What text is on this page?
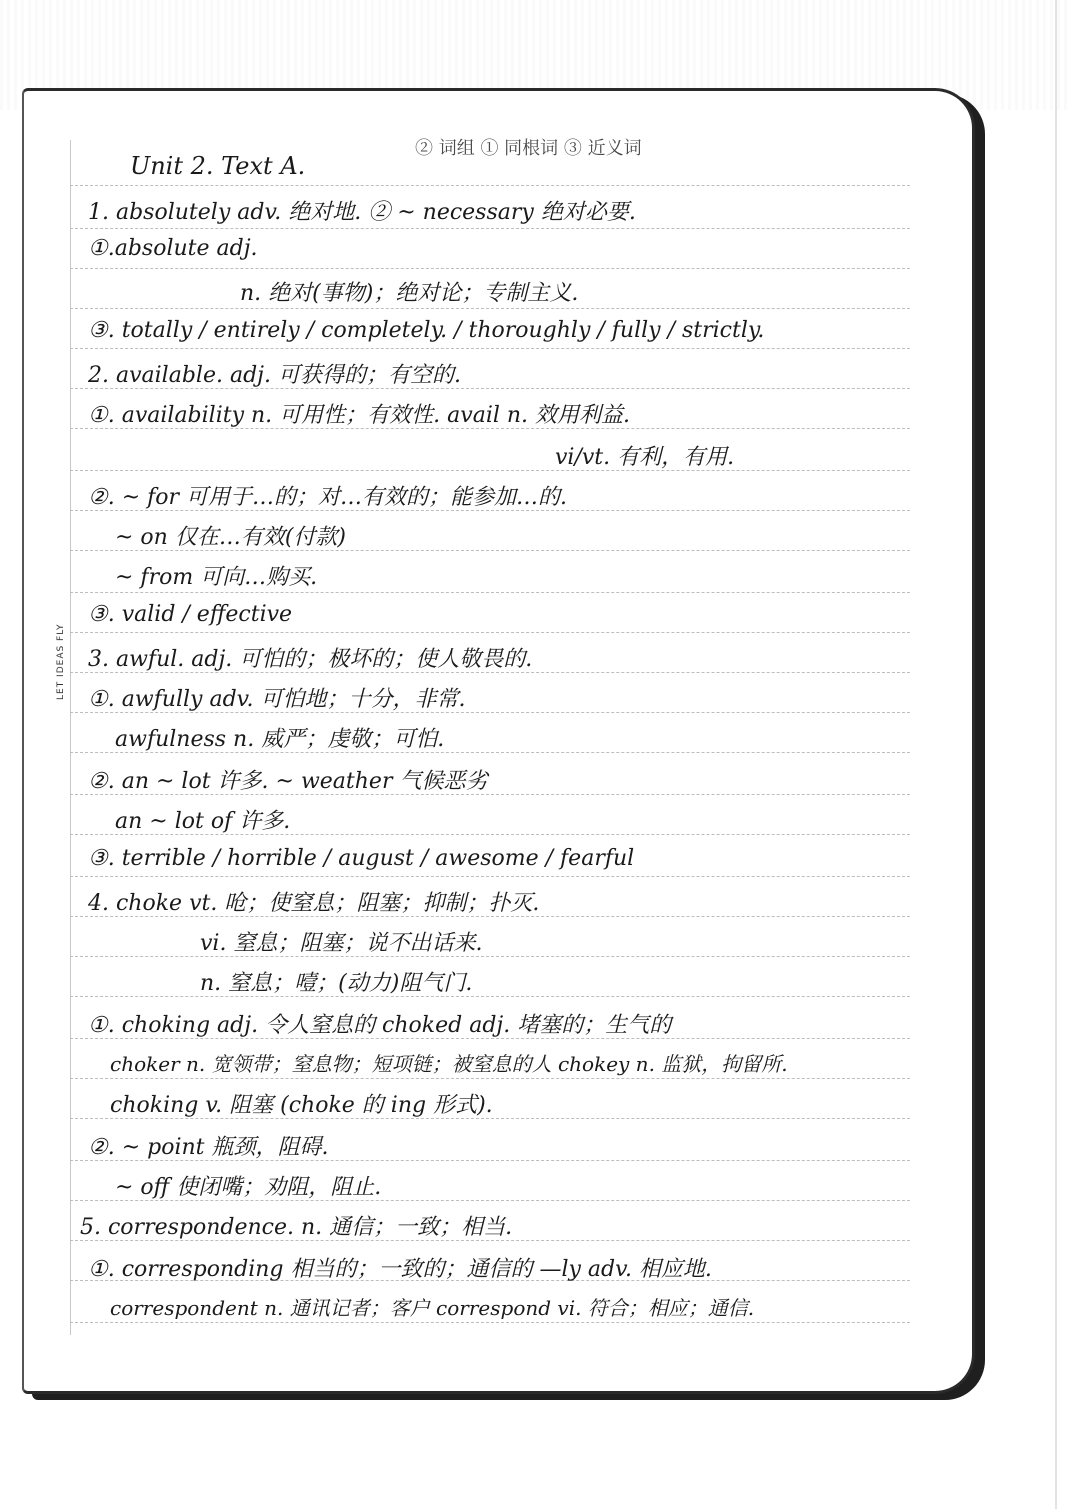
LET IDEAS FLY
② 词组 ① 同根词 ③ 近义词
Unit 2. Text A.
1. absolutely adv. 绝对地. ② ~ necessary 绝对必要.
①.absolute adj.
n. 绝对(事物)；绝对论；专制主义.
③. totally / entirely / completely. / thoroughly / fully / strictly.
2. available. adj. 可获得的；有空的.
①. availability n. 可用性；有效性. avail n. 效用利益.
vi/vt. 有利，有用.
②. ~ for 可用于…的；对…有效的；能参加…的.
~ on 仅在…有效(付款)
~ from 可向…购买.
③. valid / effective
3. awful. adj. 可怕的；极坏的；使人敬畏的.
①. awfully adv. 可怕地；十分，非常.
awfulness n. 威严；虔敬；可怕.
②. an ~ lot 许多. ~ weather 气候恶劣
an ~ lot of 许多.
③. terrible / horrible / august / awesome / fearful
4. choke vt. 呛；使窒息；阻塞；抑制；扑灭.
vi. 窒息；阻塞；说不出话来.
n. 窒息；噎；(动力)阻气门.
①. choking adj. 令人窒息的 choked adj. 堵塞的；生气的
choker n. 宽领带；窒息物；短项链；被窒息的人 chokey n. 监狱，拘留所.
choking v. 阻塞 (choke 的 ing 形式).
②. ~ point 瓶颈，阻碍.
~ off 使闭嘴；劝阻，阻止.
5. correspondence. n. 通信；一致；相当.
①. corresponding 相当的；一致的；通信的 —ly adv. 相应地.
correspondent n. 通讯记者；客户 correspond vi. 符合；相应；通信.
